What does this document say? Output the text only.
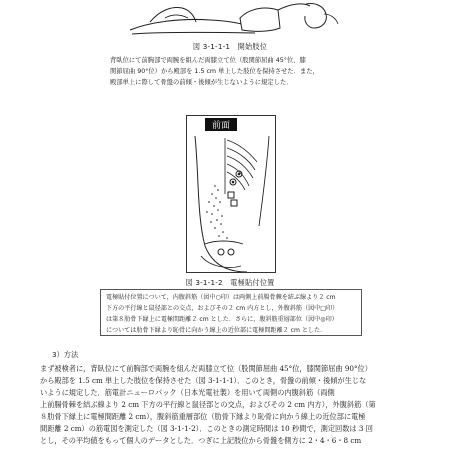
図 3-1-1-1　開始肢位
背臥位にて前胸部で両腕を組んだ両膝立て位（股関節屈曲 45°位、膝
関節屈曲 90°位）から殿部を 1.5 cm 単上した肢位を保持させた．また，
殿部単上に際して骨盤の前傾・後傾が生じないように規定した．
前面
図 3-1-1-2　電極貼付位置
電極貼付位置について，内腹斜筋（図中○印）は両側上前腸骨棘を結ぶ線より２ cm
下方の平行線と鼠径部との交点，およびその２ cm 内方とし，外腹斜筋（図中□印）
は第８肋骨下縁上に電極間距離２ cm とした．さらに，腹斜筋重層部位（図中◎印）
については肋骨下縁より恥骨に向かう線上の近位部に電極間距離２ cm とした．
3）方法
まず被検者に，背臥位にて前胸部で両腕を組んだ両膝立て位（股関節屈曲 45°位，膝関節屈曲 90°位）
から殿部を 1.5 cm 単上した肢位を保持させた（図 3-1-1-1）．このとき，骨盤の前傾・後傾が生じな
いように規定した．筋電計ニューロパック（日本光電社製）を用いて両側の内腹斜筋（両側
上前腸骨棘を結ぶ線より 2 cm 下方の平行線と鼠径部との交点，およびその 2 cm 内方），外腹斜筋（第
８肋骨下縁上に電極間距離 2 cm），腹斜筋重層部位（肋骨下縁より恥骨に向かう線上の近位部に電極
間距離 2 cm）の筋電図を測定した（図 3-1-1-2）．このときの測定時間は 10 秒間で，測定回数は 3 回
とし，その平均値をもって個人のデータとした．つぎに上記肢位から骨盤を側方に 2・4・6・8 cm
